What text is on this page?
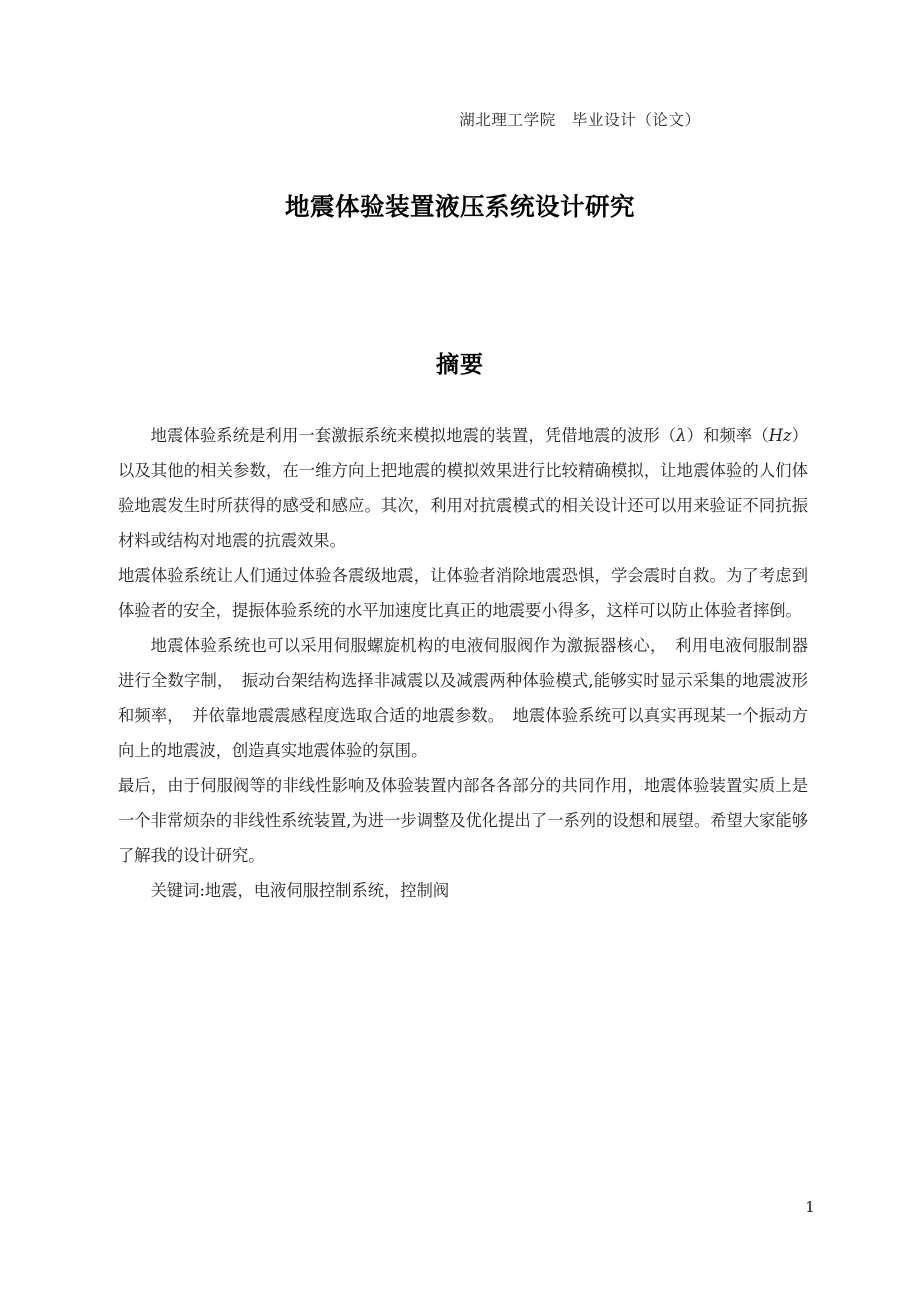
湖北理工学院　毕业设计（论文）
地震体验装置液压系统设计研究
摘要

地震体验系统是利用一套激振系统来模拟地震的装置，凭借地震的波形（λ）和频率（Hz）以及其他的相关参数，在一维方向上把地震的模拟效果进行比较精确模拟，让地震体验的人们体验地震发生时所获得的感受和感应。其次，利用对抗震模式的相关设计还可以用来验证不同抗振材料或结构对地震的抗震效果。

地震体验系统让人们通过体验各震级地震，让体验者消除地震恐惧，学会震时自救。为了考虑到体验者的安全，提振体验系统的水平加速度比真正的地震要小得多，这样可以防止体验者摔倒。

地震体验系统也可以采用伺服螺旋机构的电液伺服阀作为激振器核心，　利用电液伺服制器进行全数字制，　振动台架结构选择非减震以及减震两种体验模式,能够实时显示采集的地震波形和频率，　并依靠地震震感程度选取合适的地震参数。　地震体验系统可以真实再现某一个振动方向上的地震波，创造真实地震体验的氛围。

最后，由于伺服阀等的非线性影响及体验装置内部各各部分的共同作用，地震体验装置实质上是一个非常烦杂的非线性系统装置,为进一步调整及优化提出了一系列的设想和展望。希望大家能够了解我的设计研究。

关键词:地震，电液伺服控制系统，控制阀

1
